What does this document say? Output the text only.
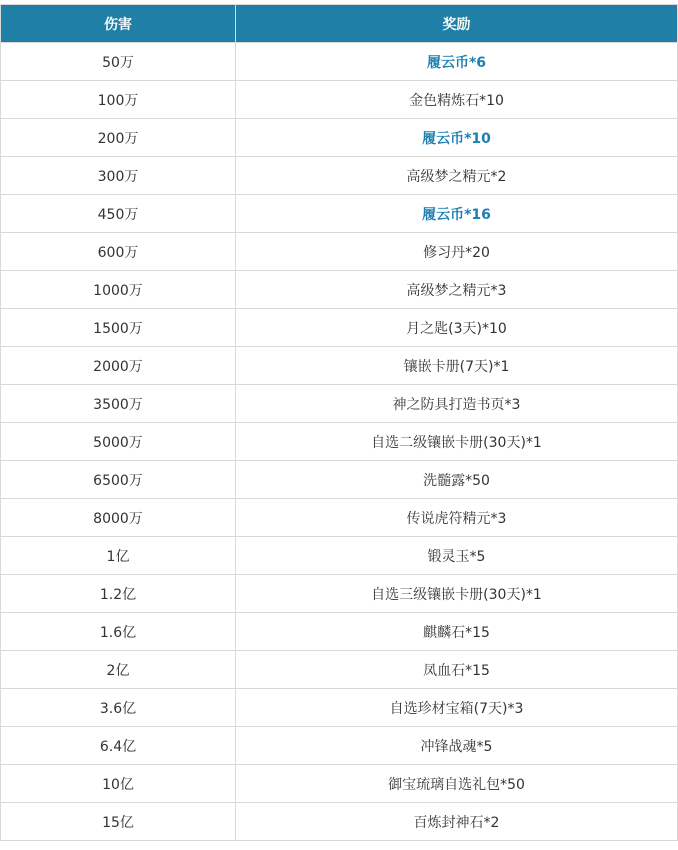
伤害	奖励
50万	履云币*6
100万	金色精炼石*10
200万	履云币*10
300万	高级梦之精元*2
450万	履云币*16
600万	修习丹*20
1000万	高级梦之精元*3
1500万	月之匙(3天)*10
2000万	镶嵌卡册(7天)*1
3500万	神之防具打造书页*3
5000万	自选二级镶嵌卡册(30天)*1
6500万	洗髓露*50
8000万	传说虎符精元*3
1亿	锻灵玉*5
1.2亿	自选三级镶嵌卡册(30天)*1
1.6亿	麒麟石*15
2亿	凤血石*15
3.6亿	自选珍材宝箱(7天)*3
6.4亿	冲锋战魂*5
10亿	御宝琉璃自选礼包*50
15亿	百炼封神石*2
